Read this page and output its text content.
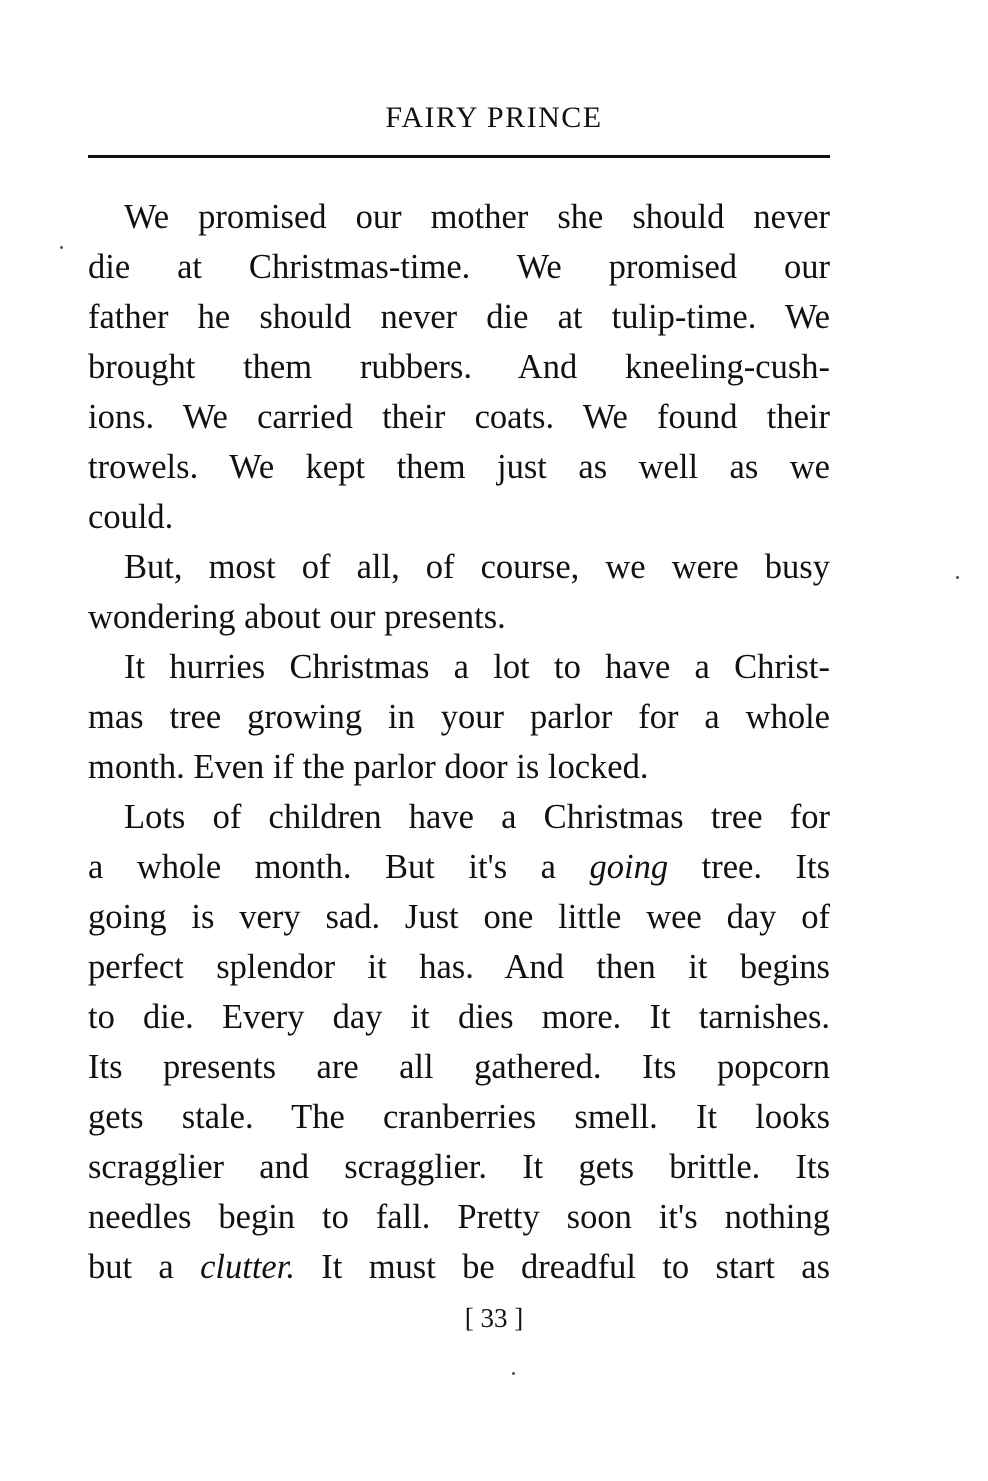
FAIRY PRINCE
We promised our mother she should never
die at Christmas-time. We promised our
father he should never die at tulip-time. We
brought them rubbers. And kneeling-cush-
ions. We carried their coats. We found their
trowels. We kept them just as well as we
could.
But, most of all, of course, we were busy
wondering about our presents.
It hurries Christmas a lot to have a Christ-
mas tree growing in your parlor for a whole
month. Even if the parlor door is locked.
Lots of children have a Christmas tree for
a whole month. But it's a going tree. Its
going is very sad. Just one little wee day of
perfect splendor it has. And then it begins
to die. Every day it dies more. It tarnishes.
Its presents are all gathered. Its popcorn
gets stale. The cranberries smell. It looks
scragglier and scragglier. It gets brittle. Its
needles begin to fall. Pretty soon it's nothing
but a clutter. It must be dreadful to start as
[ 33 ]
